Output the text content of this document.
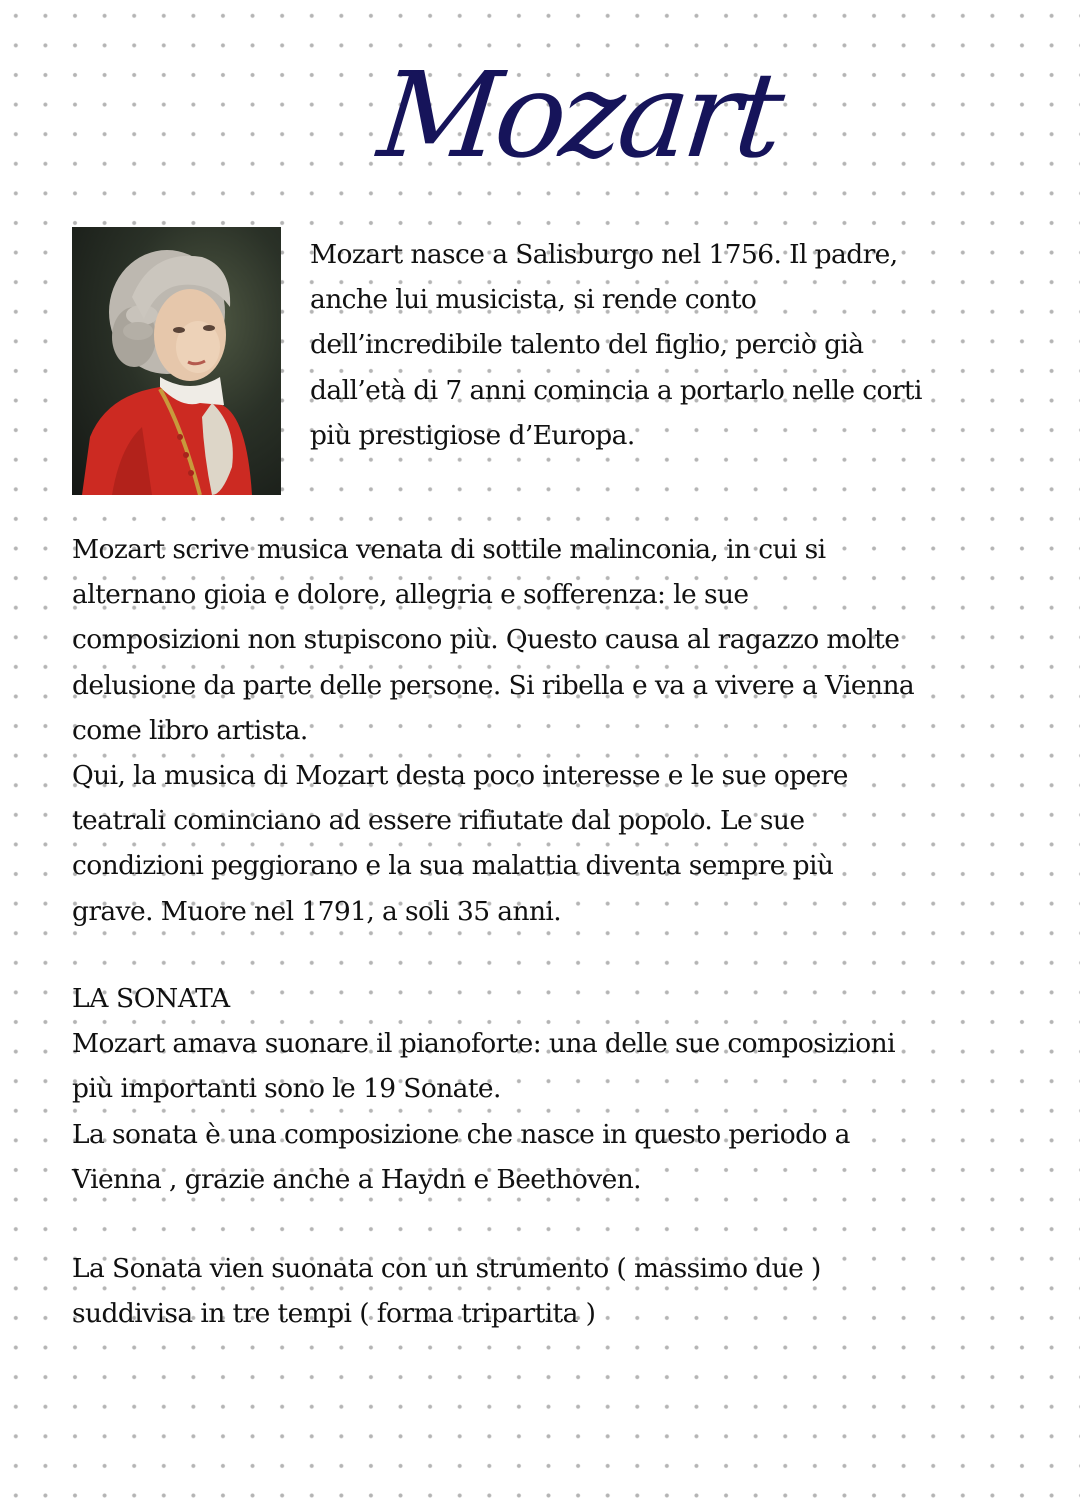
Mozart

Mozart nasce a Salisburgo nel 1756. Il padre,

anche lui musicista, si rende conto

dell’incredibile talento del figlio, perciò già

dall’età di 7 anni comincia a portarlo nelle corti

più prestigiose d’Europa.

Mozart scrive musica venata di sottile malinconia, in cui si

alternano gioia e dolore, allegria e sofferenza: le sue

composizioni non stupiscono più. Questo causa al ragazzo molte

delusione da parte delle persone. Si ribella e va a vivere a Vienna

come libro artista.

Qui, la musica di Mozart desta poco interesse e le sue opere

teatrali cominciano ad essere rifiutate dal popolo. Le sue

condizioni peggiorano e la sua malattia diventa sempre più

grave. Muore nel 1791, a soli 35 anni.

LA SONATA

Mozart amava suonare il pianoforte: una delle sue composizioni

più importanti sono le 19 Sonate.

La sonata è una composizione che nasce in questo periodo a

Vienna , grazie anche a Haydn e Beethoven.

La Sonata vien suonata con un strumento ( massimo due )

suddivisa in tre tempi ( forma tripartita )
